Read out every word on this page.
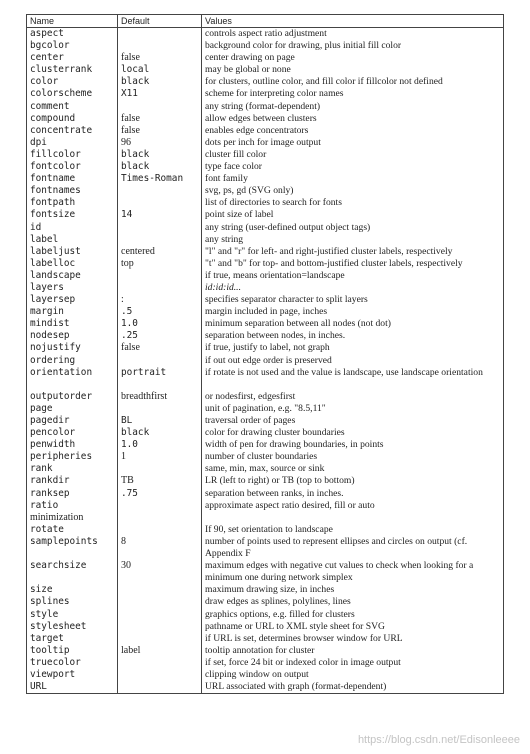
Name	Default	Values
aspect		controls aspect ratio adjustment
bgcolor		background color for drawing, plus initial fill color
center	false	center drawing on page
clusterrank	local	may be global or none
color	black	for clusters, outline color, and fill color if fillcolor not defined
colorscheme	X11	scheme for interpreting color names
comment		any string (format-dependent)
compound	false	allow edges between clusters
concentrate	false	enables edge concentrators
dpi	96	dots per inch for image output
fillcolor	black	cluster fill color
fontcolor	black	type face color
fontname	Times-Roman	font family
fontnames		svg, ps, gd (SVG only)
fontpath		list of directories to search for fonts
fontsize	14	point size of label
id		any string (user-defined output object tags)
label		any string
labeljust	centered	"l" and "r" for left- and right-justified cluster labels, respectively
labelloc	top	"t" and "b" for top- and bottom-justified cluster labels, respectively
landscape		if true, means orientation=landscape
layers		id:id:id...
layersep	:	specifies separator character to split layers
margin	.5	margin included in page, inches
mindist	1.0	minimum separation between all nodes (not dot)
nodesep	.25	separation between nodes, in inches.
nojustify	false	if true, justify to label, not graph
ordering		if out out edge order is preserved
orientation	portrait	if rotate is not used and the value is landscape, use landscape orientation
outputorder	breadthfirst	or nodesfirst, edgesfirst
page		unit of pagination, e.g. "8.5,11"
pagedir	BL	traversal order of pages
pencolor	black	color for drawing cluster boundaries
penwidth	1.0	width of pen for drawing boundaries, in points
peripheries	1	number of cluster boundaries
rank		same, min, max, source or sink
rankdir	TB	LR (left to right) or TB (top to bottom)
ranksep	.75	separation between ranks, in inches.
ratio		approximate aspect ratio desired, fill or auto
minimization		
rotate		If 90, set orientation to landscape
samplepoints	8	number of points used to represent ellipses and circles on output (cf. Appendix F
searchsize	30	maximum edges with negative cut values to check when looking for a minimum one during network simplex
size		maximum drawing size, in inches
splines		draw edges as splines, polylines, lines
style		graphics options, e.g. filled for clusters
stylesheet		pathname or URL to XML style sheet for SVG
target		if URL is set, determines browser window for URL
tooltip	label	tooltip annotation for cluster
truecolor		if set, force 24 bit or indexed color in image output
viewport		clipping window on output
URL		URL associated with graph (format-dependent)
https://blog.csdn.net/Edisonleeee
